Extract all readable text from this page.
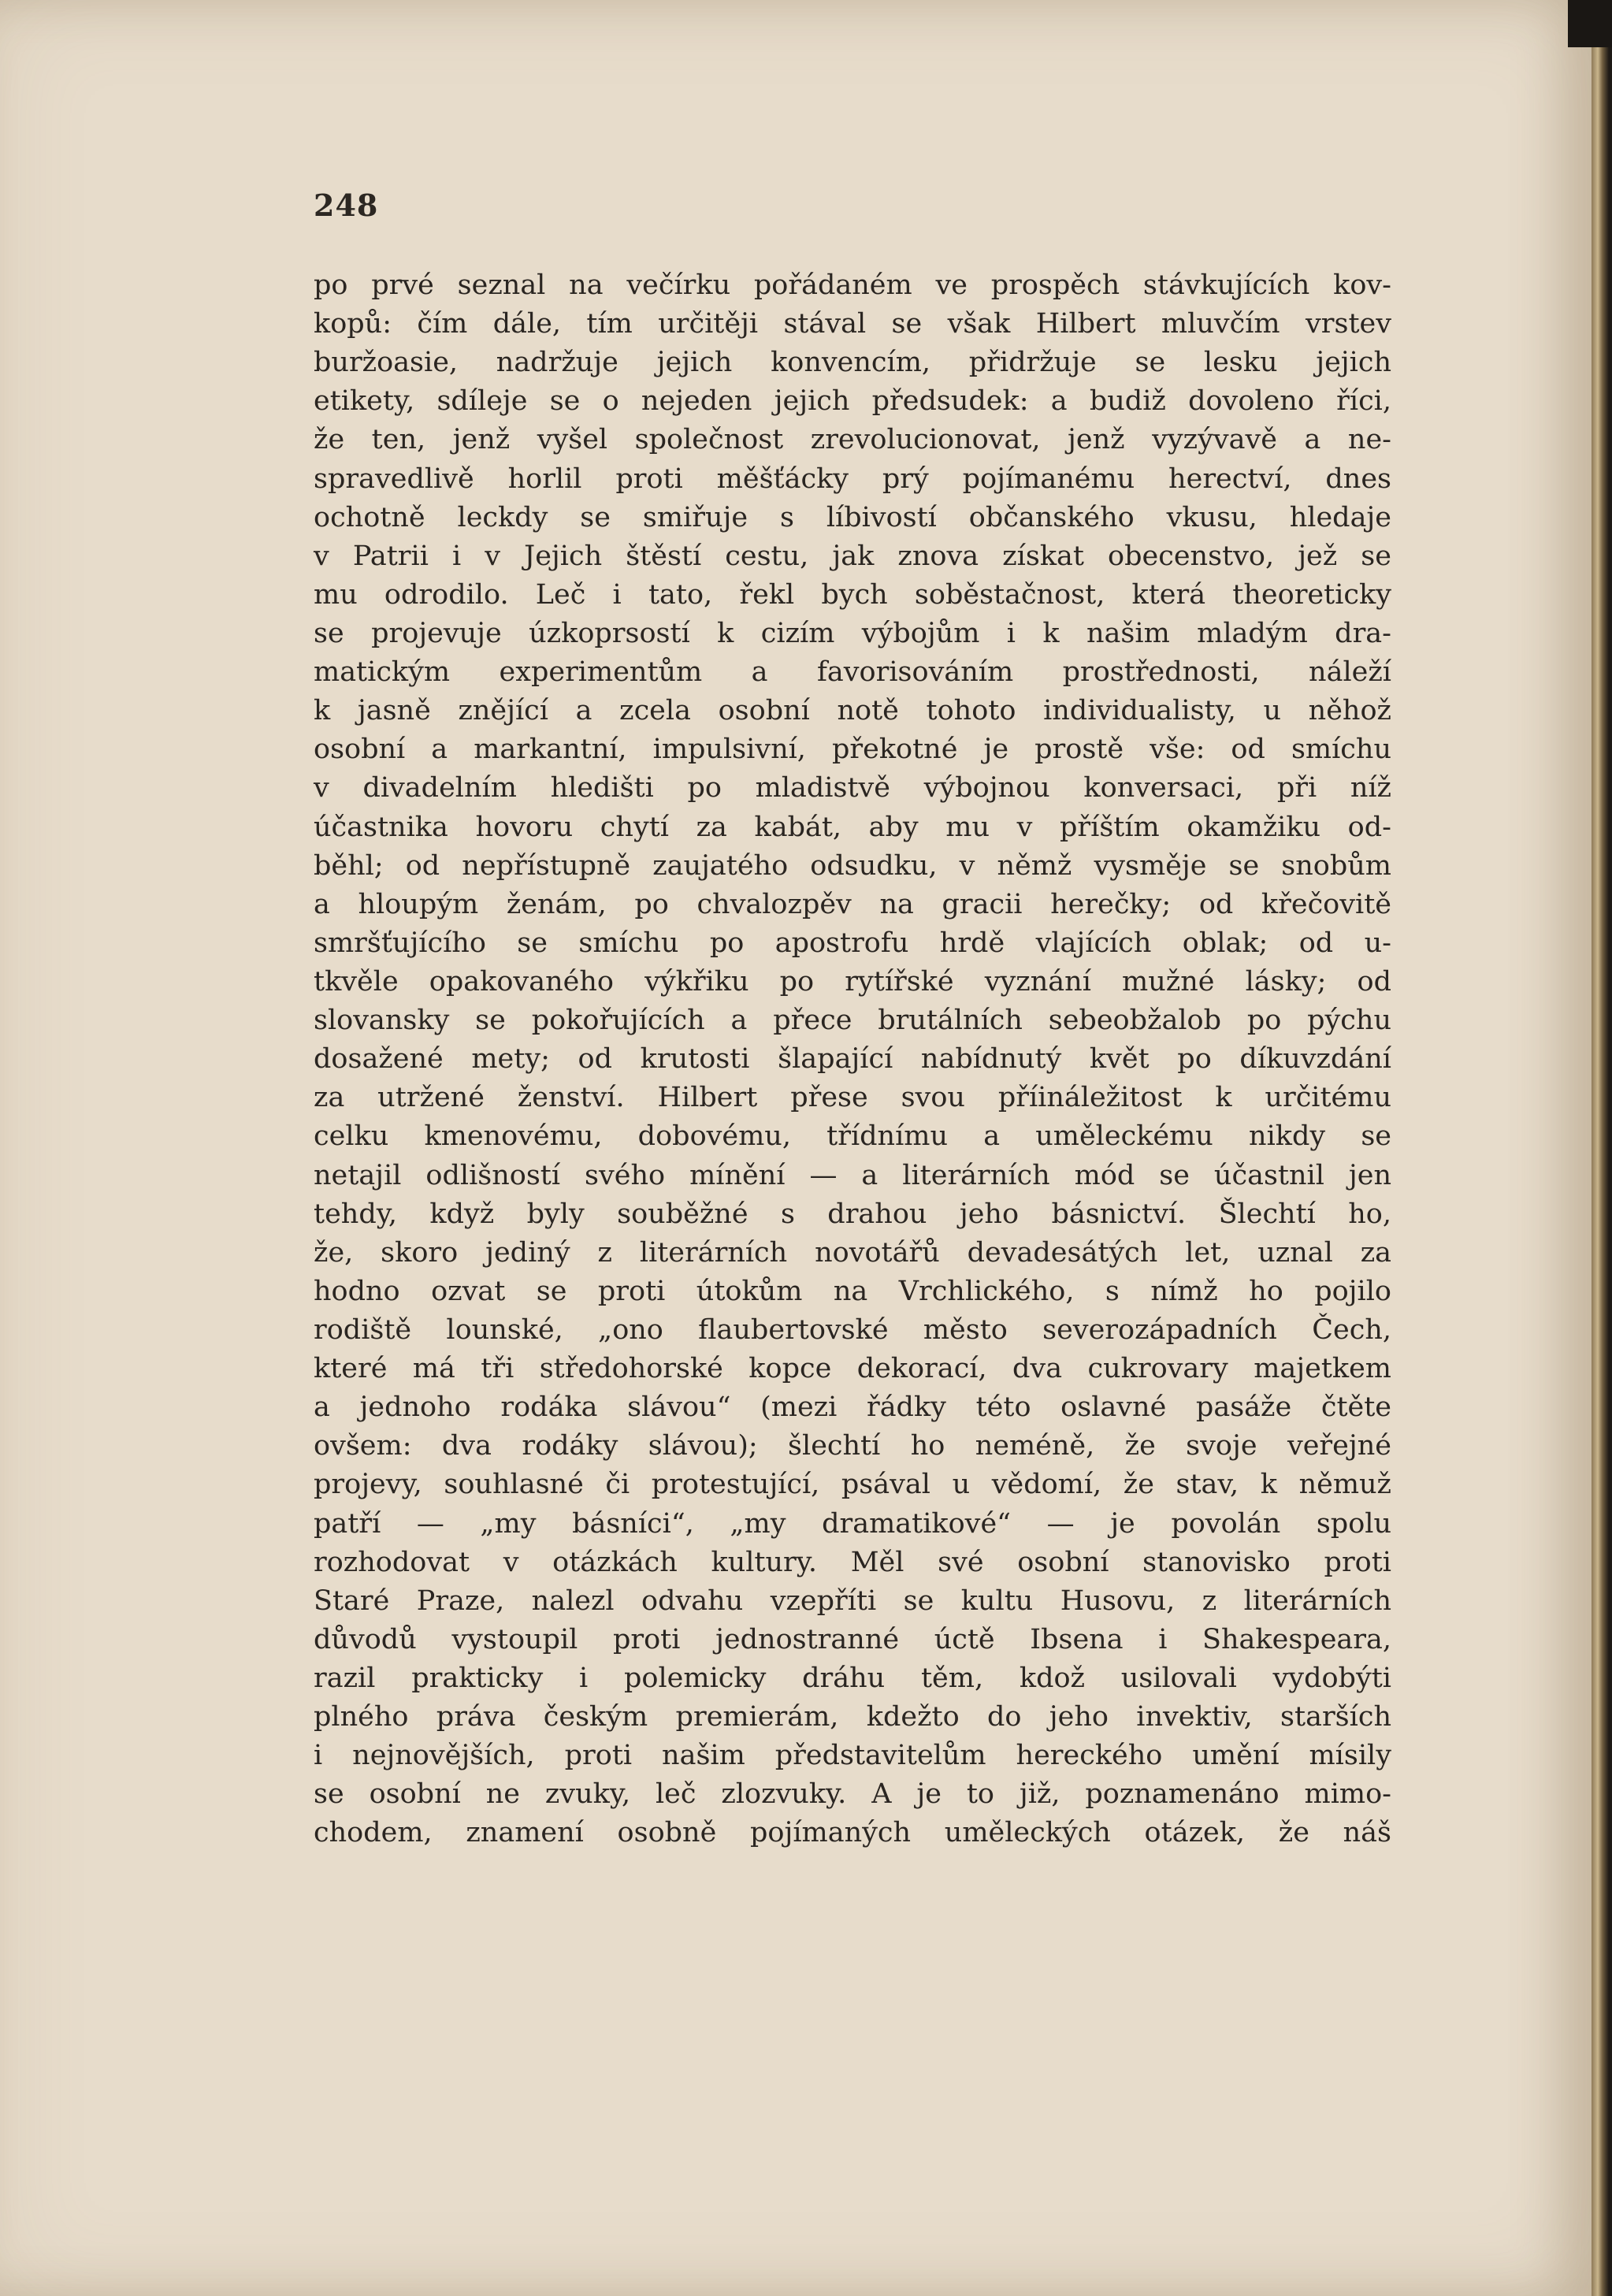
248
po prvé seznal na večírku pořádaném ve prospěch stávkujících kov-
kopů: čím dále, tím určitěji stával se však Hilbert mluvčím vrstev
buržoasie, nadržuje jejich konvencím, přidržuje se lesku jejich
etikety, sdíleje se o nejeden jejich předsudek: a budiž dovoleno říci,
že ten, jenž vyšel společnost zrevolucionovat, jenž vyzývavě a ne-
spravedlivě horlil proti měšťácky prý pojímanému herectví, dnes
ochotně leckdy se smiřuje s líbivostí občanského vkusu, hledaje
v Patrii i v Jejich štěstí cestu, jak znova získat obecenstvo, jež se
mu odrodilo. Leč i tato, řekl bych soběstačnost, která theoreticky
se projevuje úzkoprsostí k cizím výbojům i k našim mladým dra-
matickým experimentům a favorisováním prostřednosti, náleží
k jasně znějící a zcela osobní notě tohoto individualisty, u něhož
osobní a markantní, impulsivní, překotné je prostě vše: od smíchu
v divadelním hledišti po mladistvě výbojnou konversaci, při níž
účastnika hovoru chytí za kabát, aby mu v příštím okamžiku od-
běhl; od nepřístupně zaujatého odsudku, v němž vysměje se snobům
a hloupým ženám, po chvalozpěv na gracii herečky; od křečovitě
smršťujícího se smíchu po apostrofu hrdě vlajících oblak; od u-
tkvěle opakovaného výkřiku po rytířské vyznání mužné lásky; od
slovansky se pokořujících a přece brutálních sebeobžalob po pýchu
dosažené mety; od krutosti šlapající nabídnutý květ po díkuvzdání
za utržené ženství. Hilbert přese svou příináležitost k určitému
celku kmenovému, dobovému, třídnímu a uměleckému nikdy se
netajil odlišností svého mínění — a literárních mód se účastnil jen
tehdy, když byly souběžné s drahou jeho básnictví. Šlechtí ho,
že, skoro jediný z literárních novotářů devadesátých let, uznal za
hodno ozvat se proti útokům na Vrchlického, s nímž ho pojilo
rodiště lounské, „ono flaubertovské město severozápadních Čech,
které má tři středohorské kopce dekorací, dva cukrovary majetkem
a jednoho rodáka slávou“ (mezi řádky této oslavné pasáže čtěte
ovšem: dva rodáky slávou); šlechtí ho neméně, že svoje veřejné
projevy, souhlasné či protestující, psával u vědomí, že stav, k němuž
patří — „my básníci“, „my dramatikové“ — je povolán spolu
rozhodovat v otázkách kultury. Měl své osobní stanovisko proti
Staré Praze, nalezl odvahu vzepříti se kultu Husovu, z literárních
důvodů vystoupil proti jednostranné úctě Ibsena i Shakespeara,
razil prakticky i polemicky dráhu těm, kdož usilovali vydobýti
plného práva českým premierám, kdežto do jeho invektiv, starších
i nejnovějších, proti našim představitelům hereckého umění mísily
se osobní ne zvuky, leč zlozvuky. A je to již, poznamenáno mimo-
chodem, znamení osobně pojímaných uměleckých otázek, že náš
